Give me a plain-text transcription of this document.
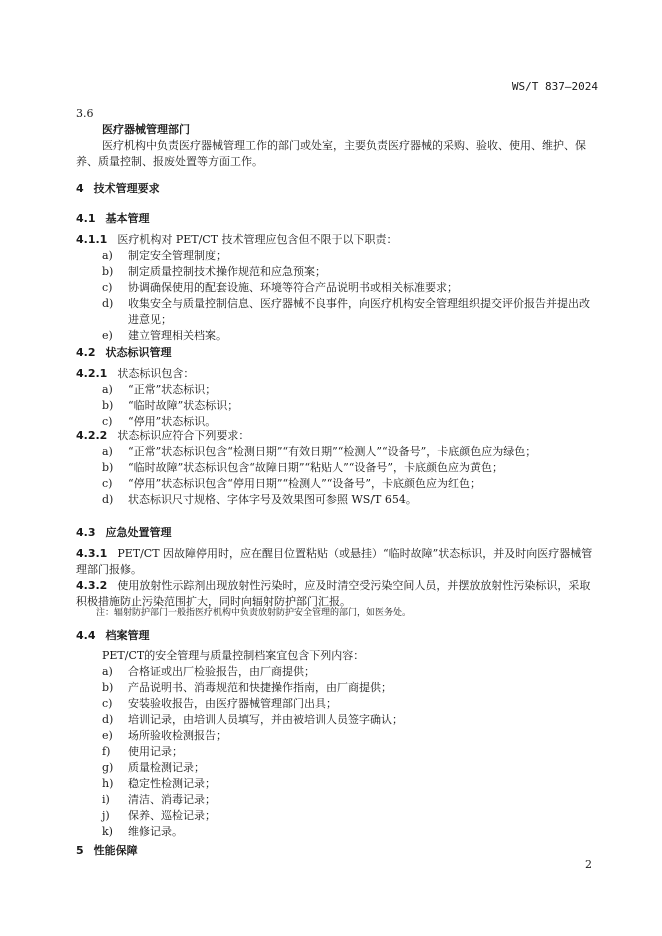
WS/T 837—2024
3.6
医疗器械管理部门
医疗机构中负责医疗器械管理工作的部门或处室，主要负责医疗器械的采购、验收、使用、维护、保养、质量控制、报废处置等方面工作。
4 技术管理要求
4.1 基本管理
4.1.1 医疗机构对 PET/CT 技术管理应包含但不限于以下职责：
a) 制定安全管理制度；
b) 制定质量控制技术操作规范和应急预案；
c) 协调确保使用的配套设施、环境等符合产品说明书或相关标准要求；
d) 收集安全与质量控制信息、医疗器械不良事件，向医疗机构安全管理组织提交评价报告并提出改进意见；
e) 建立管理相关档案。
4.2 状态标识管理
4.2.1 状态标识包含：
a) “正常”状态标识；
b) “临时故障”状态标识；
c) “停用”状态标识。
4.2.2 状态标识应符合下列要求：
a) “正常”状态标识包含“检测日期”“有效日期”“检测人”“设备号”，卡底颜色应为绿色；
b) “临时故障”状态标识包含“故障日期”“粘贴人”“设备号”，卡底颜色应为黄色；
c) “停用”状态标识包含“停用日期”“检测人”“设备号”，卡底颜色应为红色；
d) 状态标识尺寸规格、字体字号及效果图可参照 WS/T 654。
4.3 应急处置管理
4.3.1 PET/CT 因故障停用时，应在醒目位置粘贴（或悬挂）“临时故障”状态标识，并及时向医疗器械管理部门报修。
4.3.2 使用放射性示踪剂出现放射性污染时，应及时清空受污染空间人员，并摆放放射性污染标识，采取积极措施防止污染范围扩大，同时向辐射防护部门汇报。
注：辐射防护部门一般指医疗机构中负责放射防护安全管理的部门，如医务处。
4.4 档案管理
PET/CT的安全管理与质量控制档案宜包含下列内容：
a) 合格证或出厂检验报告，由厂商提供；
b) 产品说明书、消毒规范和快捷操作指南，由厂商提供；
c) 安装验收报告，由医疗器械管理部门出具；
d) 培训记录，由培训人员填写，并由被培训人员签字确认；
e) 场所验收检测报告；
f) 使用记录；
g) 质量检测记录；
h) 稳定性检测记录；
i) 清洁、消毒记录；
j) 保养、巡检记录；
k) 维修记录。
5 性能保障
2
